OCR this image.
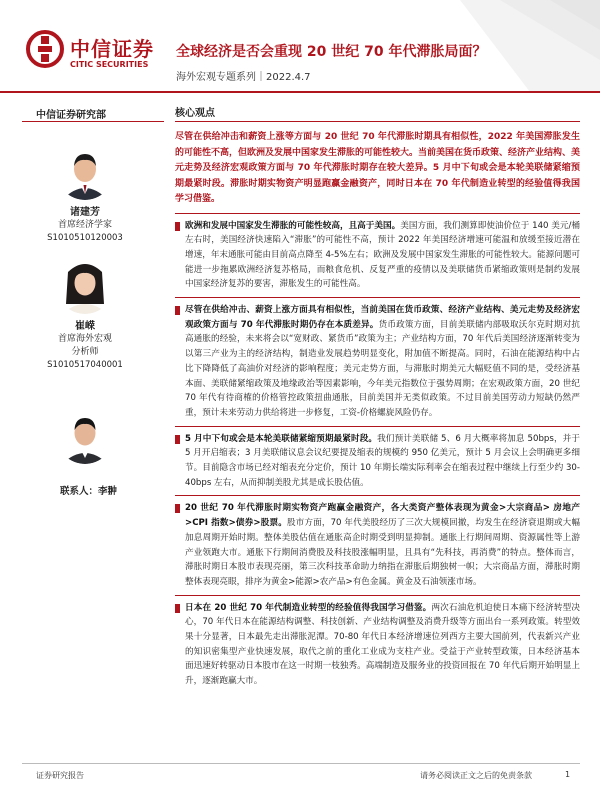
中信证券
CITIC SECURITIES
全球经济是否会重现 20 世纪 70 年代滞胀局面？
海外宏观专题系列｜2022.4.7
中信证券研究部
诸建芳
首席经济学家
S1010510120003
崔嵘
首席海外宏观
分析师
S1010517040001
联系人：李翀
核心观点
尽管在供给冲击和薪资上涨等方面与 20 世纪 70 年代滞胀时期具有相似性，2022 年美国滞胀发生的可能性不高，但欧洲及发展中国家发生滞胀的可能性较大。当前美国在货币政策、经济产业结构、美元走势及经济宏观政策方面与 70 年代滞胀时期存在较大差异。5 月中下旬或会是本轮美联储紧缩预期最紧时段。滞胀时期实物资产明显跑赢金融资产，同时日本在 70 年代制造业转型的经验值得我国学习借鉴。
欧洲和发展中国家发生滞胀的可能性较高，且高于美国。美国方面，我们测算即使油价位于 140 美元/桶左右时，美国经济快速陷入“滞胀”的可能性不高，预计 2022 年美国经济增速可能温和放缓至接近潜在增速，年末通胀可能由目前高点降至 4-5%左右；欧洲及发展中国家发生滞胀的可能性较大。能源问题可能进一步拖累欧洲经济复苏格局，而粮食危机、反复严重的疫情以及美联储货币紧缩政策则是制约发展中国家经济复苏的要害，滞胀发生的可能性高。
尽管在供给冲击、薪资上涨方面具有相似性，当前美国在货币政策、经济产业结构、美元走势及经济宏观政策方面与 70 年代滞胀时期仍存在本质差异。货币政策方面，目前美联储内部吸取沃尔克时期对抗高通胀的经验，未来将会以“宽财政、紧货币”政策为主；产业结构方面，70 年代后美国经济逐渐转变为以第三产业为主的经济结构，制造业发展趋势明显变化，附加值不断提高。同时，石油在能源结构中占比下降降低了高油价对经济的影响程度；美元走势方面，与滞胀时期美元大幅贬值不同的是，受经济基本面、美联储紧缩政策及地缘政治等因素影响，今年美元指数位于强势周期；在宏观政策方面，20 世纪 70 年代有待商榷的价格管控政策扭曲通胀，目前美国并无类似政策。不过目前美国劳动力短缺仍然严重，预计未来劳动力供给将进一步修复，工资-价格螺旋风险仍存。
5 月中下旬或会是本轮美联储紧缩预期最紧时段。我们预计美联储 5、6 月大概率将加息 50bps，并于 5 月开启缩表；3 月美联储议息会议纪要提及缩表的规模约 950 亿美元，预计 5 月会议上会明确更多细节。目前隐含市场已经对缩表充分定价，预计 10 年期长端实际利率会在缩表过程中继续上行至少约 30-40bps 左右，从而抑制美股尤其是成长股估值。
20 世纪 70 年代滞胀时期实物资产跑赢金融资产，各大类资产整体表现为黄金>大宗商品> 房地产>CPI 指数>债券>股票。股市方面，70 年代美股经历了三次大规模回撤，均发生在经济衰退期或大幅加息周期开始时期。整体美股估值在通胀高企时期受到明显抑制。通胀上行期间周期、资源属性等上游产业领跑大市。通胀下行期间消费股及科技股涨幅明显，且具有“先科技，再消费”的特点。整体而言，滞胀时期日本股市表现亮丽，第三次科技革命助力纳指在滞胀后期独树一帜；大宗商品方面，滞胀时期整体表现亮眼，排序为黄金>能源>农产品>有色金属。黄金及石油领涨市场。
日本在 20 世纪 70 年代制造业转型的经验值得我国学习借鉴。两次石油危机迫使日本痛下经济转型决心，70 年代日本在能源结构调整、科技创新、产业结构调整及消费升级等方面出台一系列政策。转型效果十分显著，日本最先走出滞胀泥潭。70-80 年代日本经济增速位列西方主要大国前列，代表新兴产业的知识密集型产业快速发展，取代之前的重化工业成为支柱产业。受益于产业转型政策，日本经济基本面迅速好转驱动日本股市在这一时期一枝独秀。高端制造及服务业的投资回报在 70 年代后期开始明显上升，逐渐跑赢大市。
证券研究报告	请务必阅读正文之后的免责条款	1
